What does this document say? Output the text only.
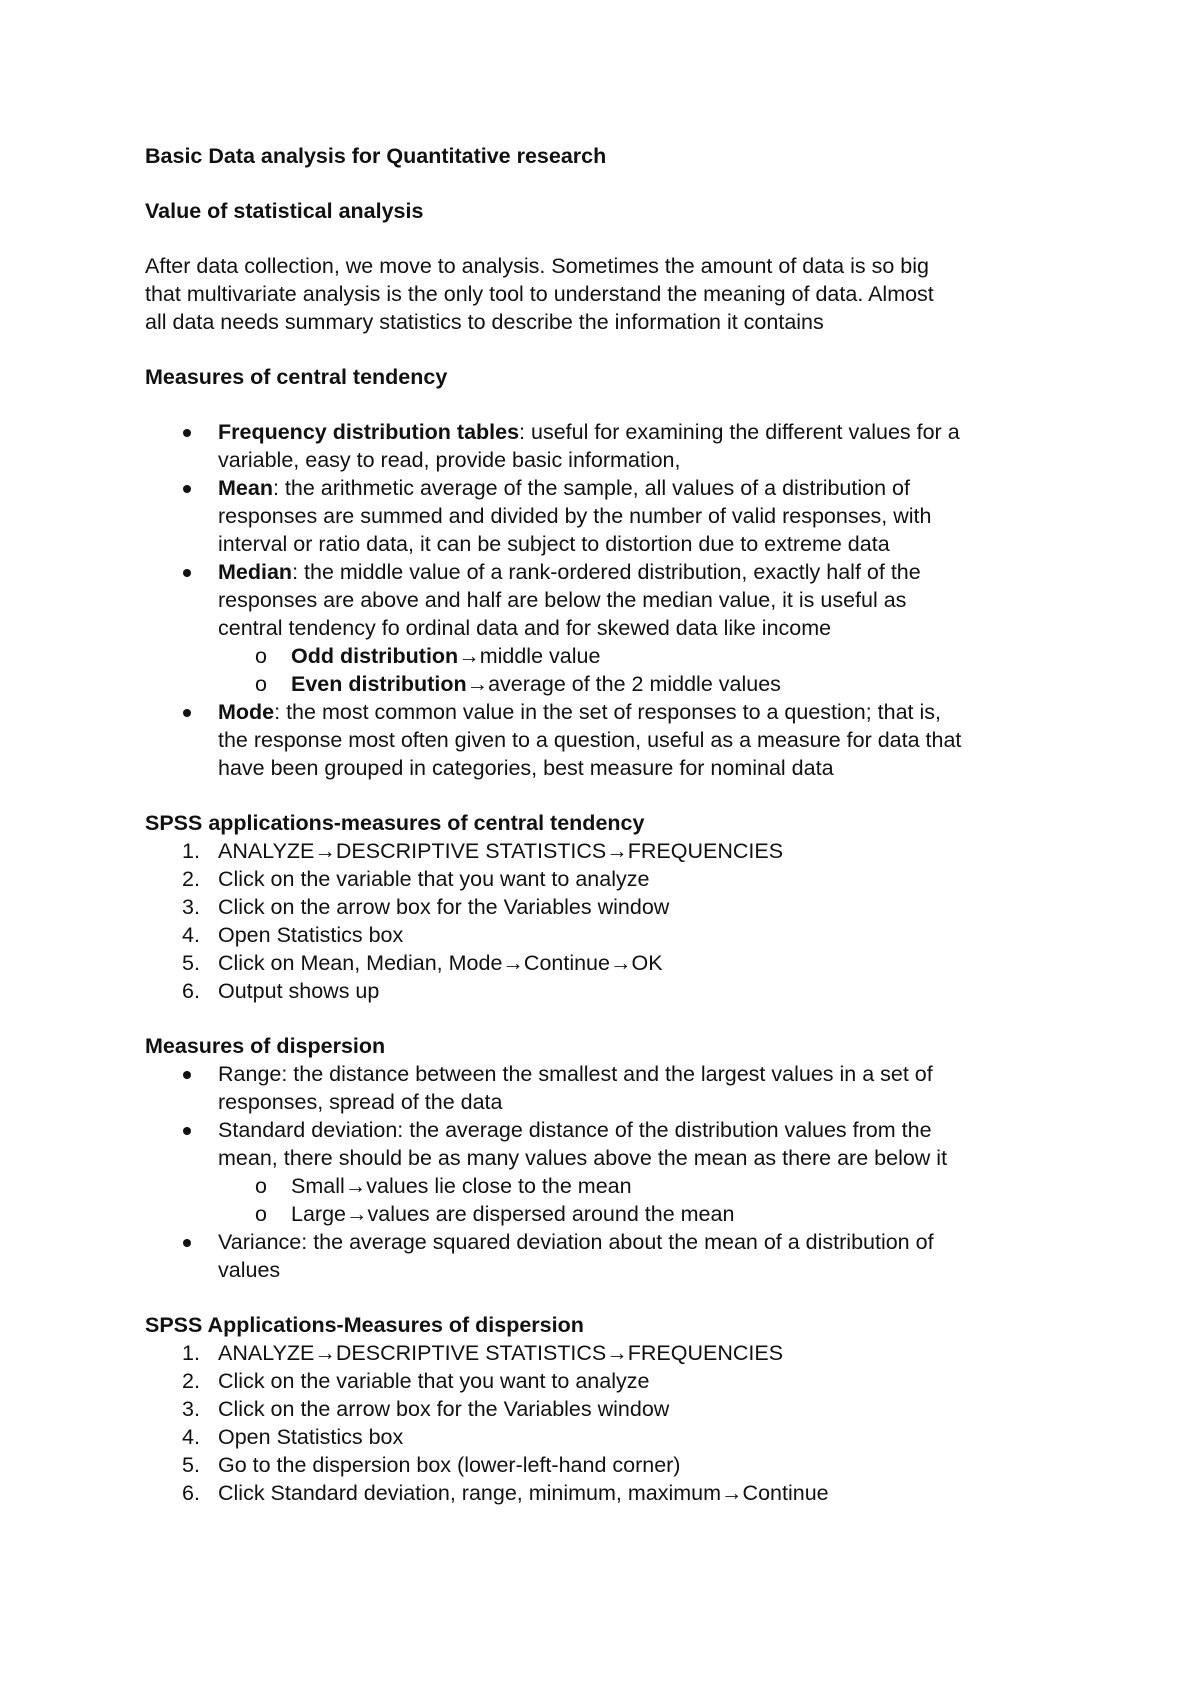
Basic Data analysis for Quantitative research

Value of statistical analysis

After data collection, we move to analysis. Sometimes the amount of data is so big

that multivariate analysis is the only tool to understand the meaning of data. Almost

all data needs summary statistics to describe the information it contains

Measures of central tendency

Frequency distribution tables: useful for examining the different values for a

variable, easy to read, provide basic information,

Mean: the arithmetic average of the sample, all values of a distribution of

responses are summed and divided by the number of valid responses, with

interval or ratio data, it can be subject to distortion due to extreme data

Median: the middle value of a rank-ordered distribution, exactly half of the

responses are above and half are below the median value, it is useful as

central tendency fo ordinal data and for skewed data like income

o Odd distribution→middle value

o Even distribution→average of the 2 middle values

Mode: the most common value in the set of responses to a question; that is,

the response most often given to a question, useful as a measure for data that

have been grouped in categories, best measure for nominal data

SPSS applications-measures of central tendency

1. ANALYZE→DESCRIPTIVE STATISTICS→FREQUENCIES
2. Click on the variable that you want to analyze
3. Click on the arrow box for the Variables window
4. Open Statistics box
5. Click on Mean, Median, Mode→Continue→OK
6. Output shows up

Measures of dispersion

Range: the distance between the smallest and the largest values in a set of

responses, spread of the data

Standard deviation: the average distance of the distribution values from the

mean, there should be as many values above the mean as there are below it

o Small→values lie close to the mean

o Large→values are dispersed around the mean

Variance: the average squared deviation about the mean of a distribution of

values

SPSS Applications-Measures of dispersion

1. ANALYZE→DESCRIPTIVE STATISTICS→FREQUENCIES
2. Click on the variable that you want to analyze
3. Click on the arrow box for the Variables window
4. Open Statistics box
5. Go to the dispersion box (lower-left-hand corner)
6. Click Standard deviation, range, minimum, maximum→Continue
